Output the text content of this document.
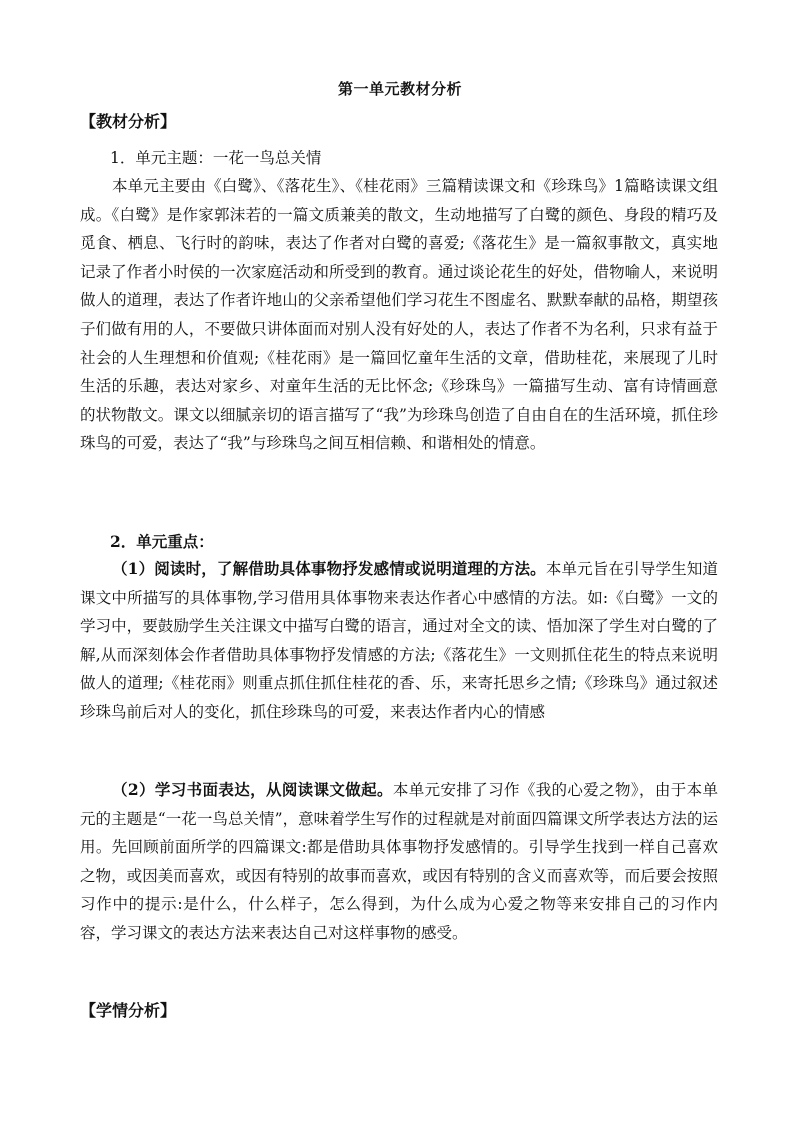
第一单元教材分析
【教材分析】
1．单元主题：一花一鸟总关情

本单元主要由《白鹭》、《落花生》、《桂花雨》三篇精读课文和《珍珠鸟》1篇略读课文组成。《白鹭》是作家郭沫若的一篇文质兼美的散文，生动地描写了白鹭的颜色、身段的精巧及觅食、栖息、飞行时的韵味，表达了作者对白鹭的喜爱;《落花生》是一篇叙事散文，真实地记录了作者小时侯的一次家庭活动和所受到的教育。通过谈论花生的好处，借物喻人，来说明做人的道理，表达了作者许地山的父亲希望他们学习花生不图虚名、默默奉献的品格，期望孩子们做有用的人，不要做只讲体面而对别人没有好处的人，表达了作者不为名利，只求有益于社会的人生理想和价值观;《桂花雨》是一篇回忆童年生活的文章，借助桂花，来展现了儿时生活的乐趣，表达对家乡、对童年生活的无比怀念;《珍珠鸟》一篇描写生动、富有诗情画意的状物散文。课文以细腻亲切的语言描写了“我”为珍珠鸟创造了自由自在的生活环境，抓住珍珠鸟的可爱，表达了“我”与珍珠鸟之间互相信赖、和谐相处的情意。

2．单元重点：

（1）阅读时，了解借助具体事物抒发感情或说明道理的方法。本单元旨在引导学生知道课文中所描写的具体事物,学习借用具体事物来表达作者心中感情的方法。如:《白鹭》一文的学习中，要鼓励学生关注课文中描写白鹭的语言，通过对全文的读、悟加深了学生对白鹭的了解,从而深刻体会作者借助具体事物抒发情感的方法;《落花生》一文则抓住花生的特点来说明做人的道理;《桂花雨》则重点抓住抓住桂花的香、乐，来寄托思乡之情;《珍珠鸟》通过叙述珍珠鸟前后对人的变化，抓住珍珠鸟的可爱，来表达作者内心的情感

（2）学习书面表达，从阅读课文做起。本单元安排了习作《我的心爱之物》，由于本单元的主题是“一花一鸟总关情”，意味着学生写作的过程就是对前面四篇课文所学表达方法的运用。先回顾前面所学的四篇课文:都是借助具体事物抒发感情的。引导学生找到一样自己喜欢之物，或因美而喜欢，或因有特别的故事而喜欢，或因有特别的含义而喜欢等，而后要会按照习作中的提示:是什么，什么样子，怎么得到，为什么成为心爱之物等来安排自己的习作内容，学习课文的表达方法来表达自己对这样事物的感受。

【学情分析】
